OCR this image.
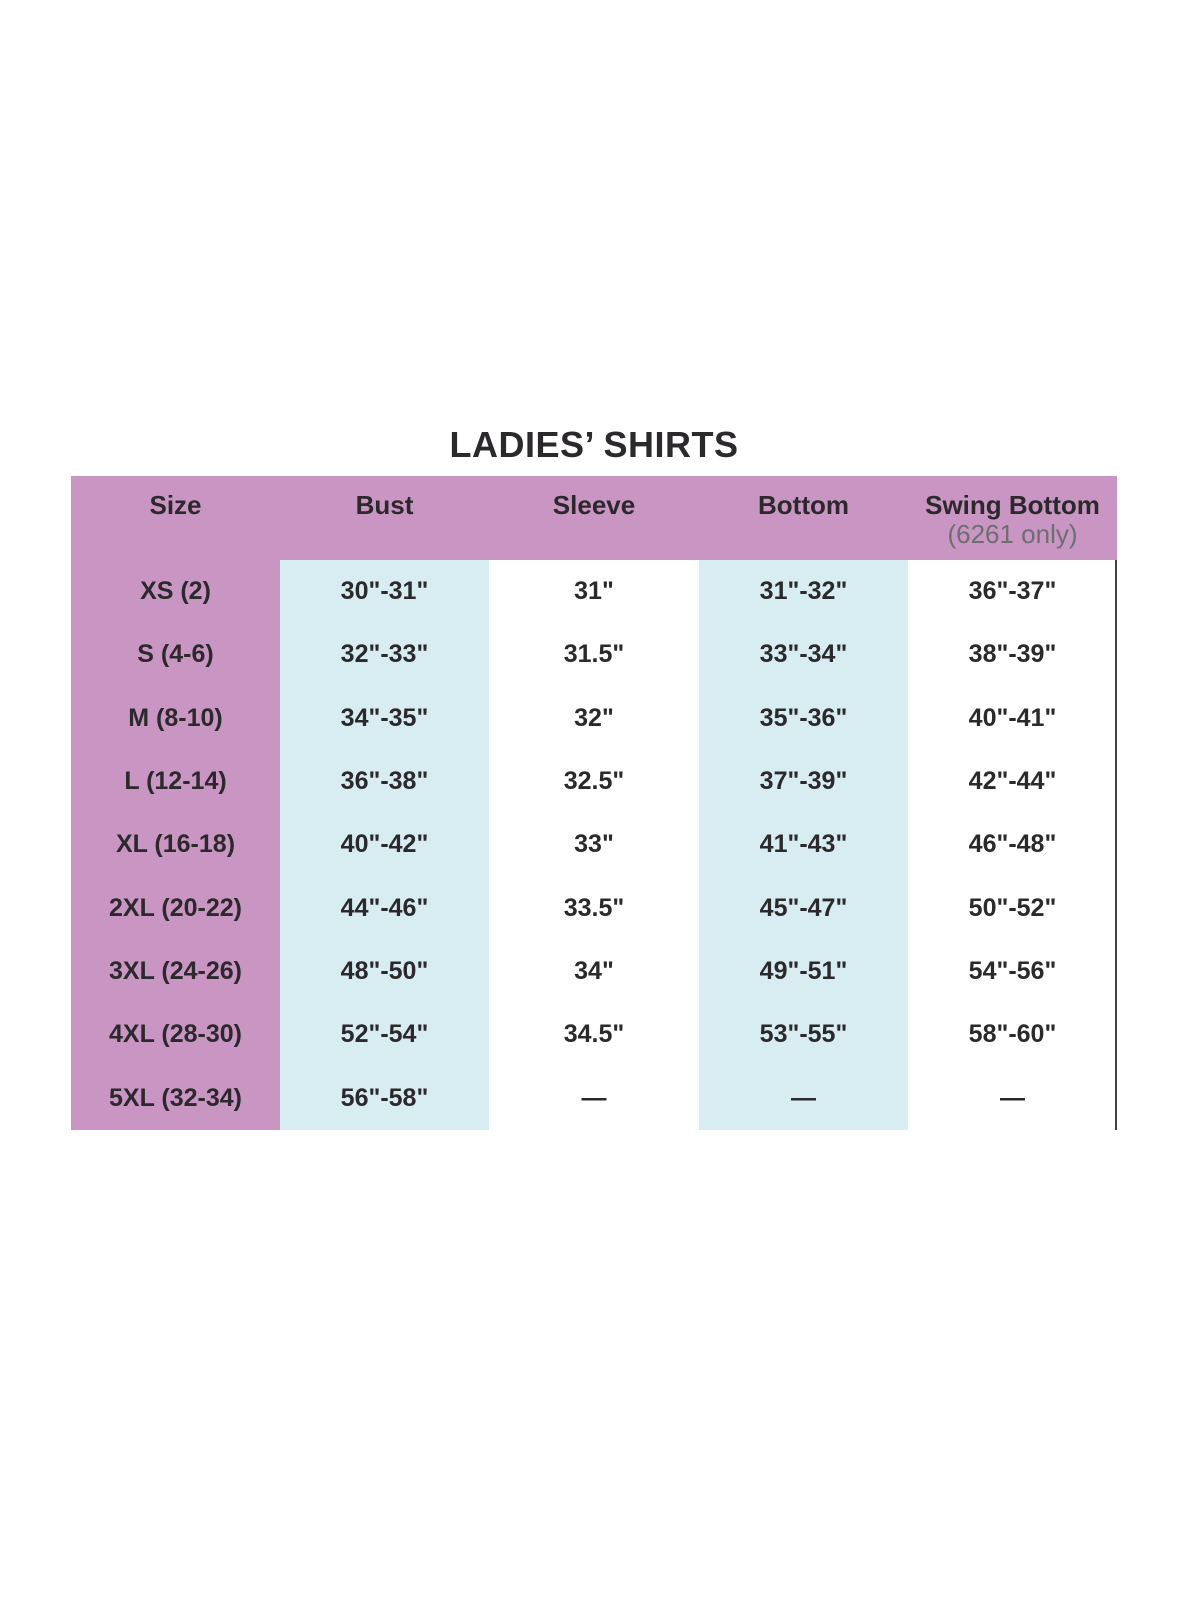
LADIES’ SHIRTS
Size	Bust	Sleeve	Bottom	Swing Bottom
(6261 only)
XS (2)	30"-31"	31"	31"-32"	36"-37"
S (4-6)	32"-33"	31.5"	33"-34"	38"-39"
M (8-10)	34"-35"	32"	35"-36"	40"-41"
L (12-14)	36"-38"	32.5"	37"-39"	42"-44"
XL (16-18)	40"-42"	33"	41"-43"	46"-48"
2XL (20-22)	44"-46"	33.5"	45"-47"	50"-52"
3XL (24-26)	48"-50"	34"	49"-51"	54"-56"
4XL (28-30)	52"-54"	34.5"	53"-55"	58"-60"
5XL (32-34)	56"-58"	—	—	—
